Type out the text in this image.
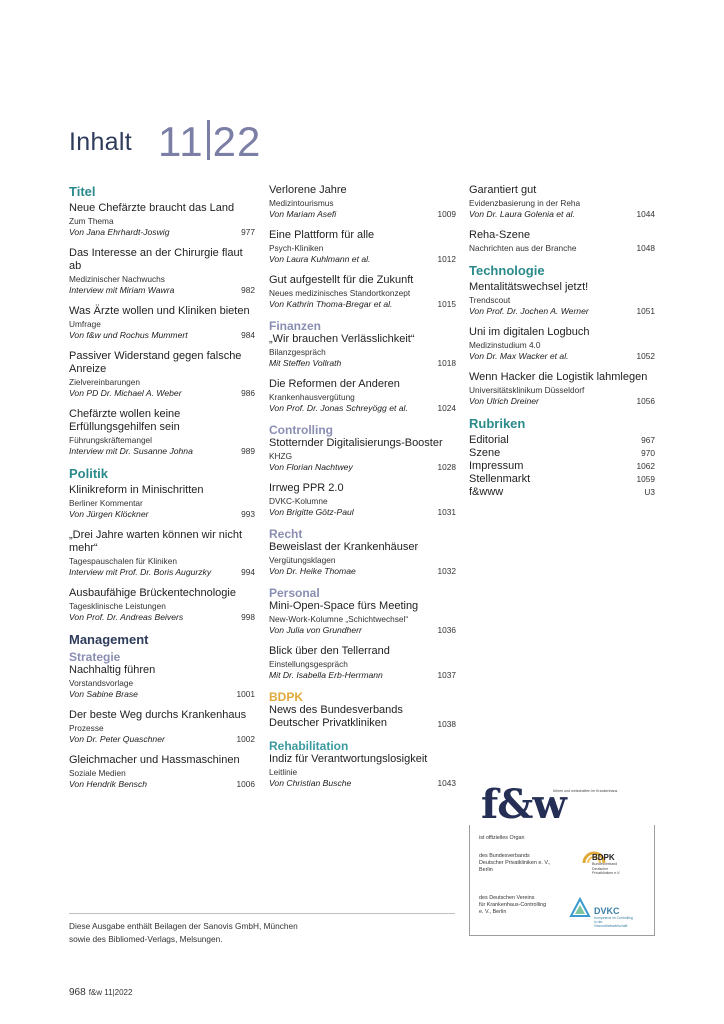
Inhalt 11 22
Titel
Neue Chefärzte braucht das Land
Zum Thema
Von Jana Ehrhardt-Joswig	977
Das Interesse an der Chirurgie flaut ab
Medizinischer Nachwuchs
Interview mit Miriam Wawra	982
Was Ärzte wollen und Kliniken bieten
Umfrage
Von f&w und Rochus Mummert	984
Passiver Widerstand gegen falsche Anreize
Zielvereinbarungen
Von PD Dr. Michael A. Weber	986
Chefärzte wollen keine Erfüllungsgehilfen sein
Führungskräftemangel
Interview mit Dr. Susanne Johna	989
Politik
Klinikreform in Minischritten
Berliner Kommentar
Von Jürgen Klöckner	993
„Drei Jahre warten können wir nicht mehr“
Tagespauschalen für Kliniken
Interview mit Prof. Dr. Boris Augurzky	994
Ausbaufähige Brückentechnologie
Tagesklinische Leistungen
Von Prof. Dr. Andreas Beivers	998
Management
Strategie
Nachhaltig führen
Vorstandsvorlage
Von Sabine Brase	1001
Der beste Weg durchs Krankenhaus
Prozesse
Von Dr. Peter Quaschner	1002
Gleichmacher und Hassmaschinen
Soziale Medien
Von Hendrik Bensch	1006
Verlorene Jahre
Medizintourismus
Von Mariam Asefi	1009
Eine Plattform für alle
Psych-Kliniken
Von Laura Kuhlmann et al.	1012
Gut aufgestellt für die Zukunft
Neues medizinisches Standortkonzept
Von Kathrin Thoma-Bregar et al.	1015
Finanzen
„Wir brauchen Verlässlichkeit“
Bilanzgespräch
Mit Steffen Vollrath	1018
Die Reformen der Anderen
Krankenhausvergütung
Von Prof. Dr. Jonas Schreyögg et al.	1024
Controlling
Stotternder Digitalisierungs-Booster
KHZG
Von Florian Nachtwey	1028
Irrweg PPR 2.0
DVKC-Kolumne
Von Brigitte Götz-Paul	1031
Recht
Beweislast der Krankenhäuser
Vergütungsklagen
Von Dr. Heike Thomae	1032
Personal
Mini-Open-Space fürs Meeting
New-Work-Kolumne „Schichtwechsel“
Von Julia von Grundherr	1036
Blick über den Tellerrand
Einstellungsgespräch
Mit Dr. Isabella Erb-Herrmann	1037
BDPK
News des Bundesverbands Deutscher Privatkliniken	1038
Rehabilitation
Indiz für Verantwortungslosigkeit
Leitlinie
Von Christian Busche	1043
Garantiert gut
Evidenzbasierung in der Reha
Von Dr. Laura Golenia et al.	1044
Reha-Szene
Nachrichten aus der Branche	1048
Technologie
Mentalitätswechsel jetzt!
Trendscout
Von Prof. Dr. Jochen A. Werner	1051
Uni im digitalen Logbuch
Medizinstudium 4.0
Von Dr. Max Wacker et al.	1052
Wenn Hacker die Logistik lahmlegen
Universitätsklinikum Düsseldorf
Von Ulrich Dreiner	1056
Rubriken
Editorial	967
Szene	970
Impressum	1062
Stellenmarkt	1059
f&www	U3
f&w
führen und wirtschaften im Krankenhaus
ist offizielles Organ
des Bundesverbands
Deutscher Privatkliniken e. V.,
Berlin
BDPK
Bundesverband Deutscher Privatkliniken e.V.
des Deutschen Vereins
für Krankenhaus-Controlling
e. V., Berlin	DVKC
Kompetenz im Controlling in der Gesundheitswirtschaft
Diese Ausgabe enthält Beilagen der Sanovis GmbH, München
sowie des Bibliomed-Verlags, Melsungen.
968 f&w 11|2022
